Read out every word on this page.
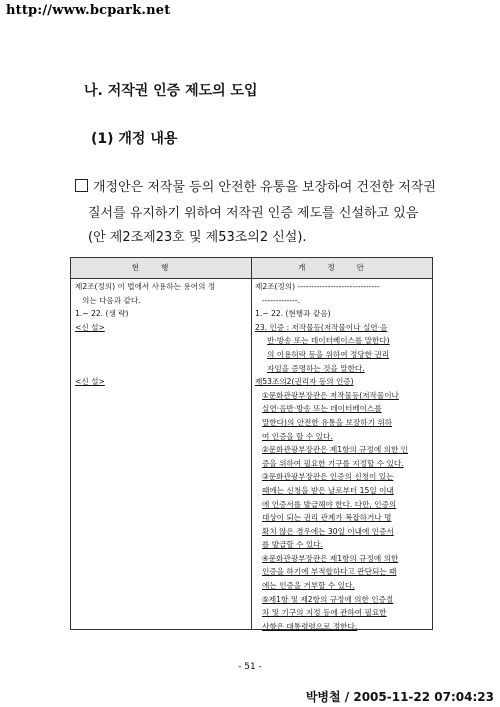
http://www.bcpark.net
나. 저작권 인증 제도의 도입
(1) 개정 내용
개정안은 저작물 등의 안전한 유통을 보장하여 건전한 저작권
질서를 유지하기 위하여 저작권 인증 제도를 신설하고 있음
(안 제2조제23호 및 제53조의2 신설).
현행	개정안
제2조(정의) 이 법에서 사용하는 용어의 정
의는 다음과 같다.
1.~ 22. (생 략)
<신 설>
<신 설>
제2조(정의) ------------------------------
-------------.
1.~ 22. (현행과 같음)
23. 인증 : 저작물등(저작물이나 실연·음
반·방송 또는 데이터베이스를 말한다)
의 이용허락 등을 위하여 정당한 권리
자임을 증명하는 것을 말한다.
제53조의2(권리자 등의 인증)
①문화관광부장관은 저작물등(저작물이나
실연·음반·방송 또는 데이터베이스를
말한다)의 안전한 유통을 보장하기 위하
여 인증을 할 수 있다.
②문화관광부장관은 제1항의 규정에 의한 인
증을 위하여 필요한 기구를 지정할 수 있다.
③문화관광부장관은 인증의 신청이 있는
때에는 신청을 받은 날로부터 15일 이내
에 인증서를 발급해야 한다. 다만, 인증의
대상이 되는 권리 관계가 복잡하거나 명
확치 않은 경우에는 30일 이내에 인증서
를 발급할 수 있다.
④문화관광부장관은 제1항의 규정에 의한
인증을 하기에 부적합하다고 판단되는 때
에는 인증을 거부할 수 있다.
⑤제1항 및 제2항의 규정에 의한 인증절
차 및 기구의 지정 등에 관하여 필요한
사항은 대통령령으로 정한다.
- 51 -
박병철 / 2005-11-22 07:04:23
